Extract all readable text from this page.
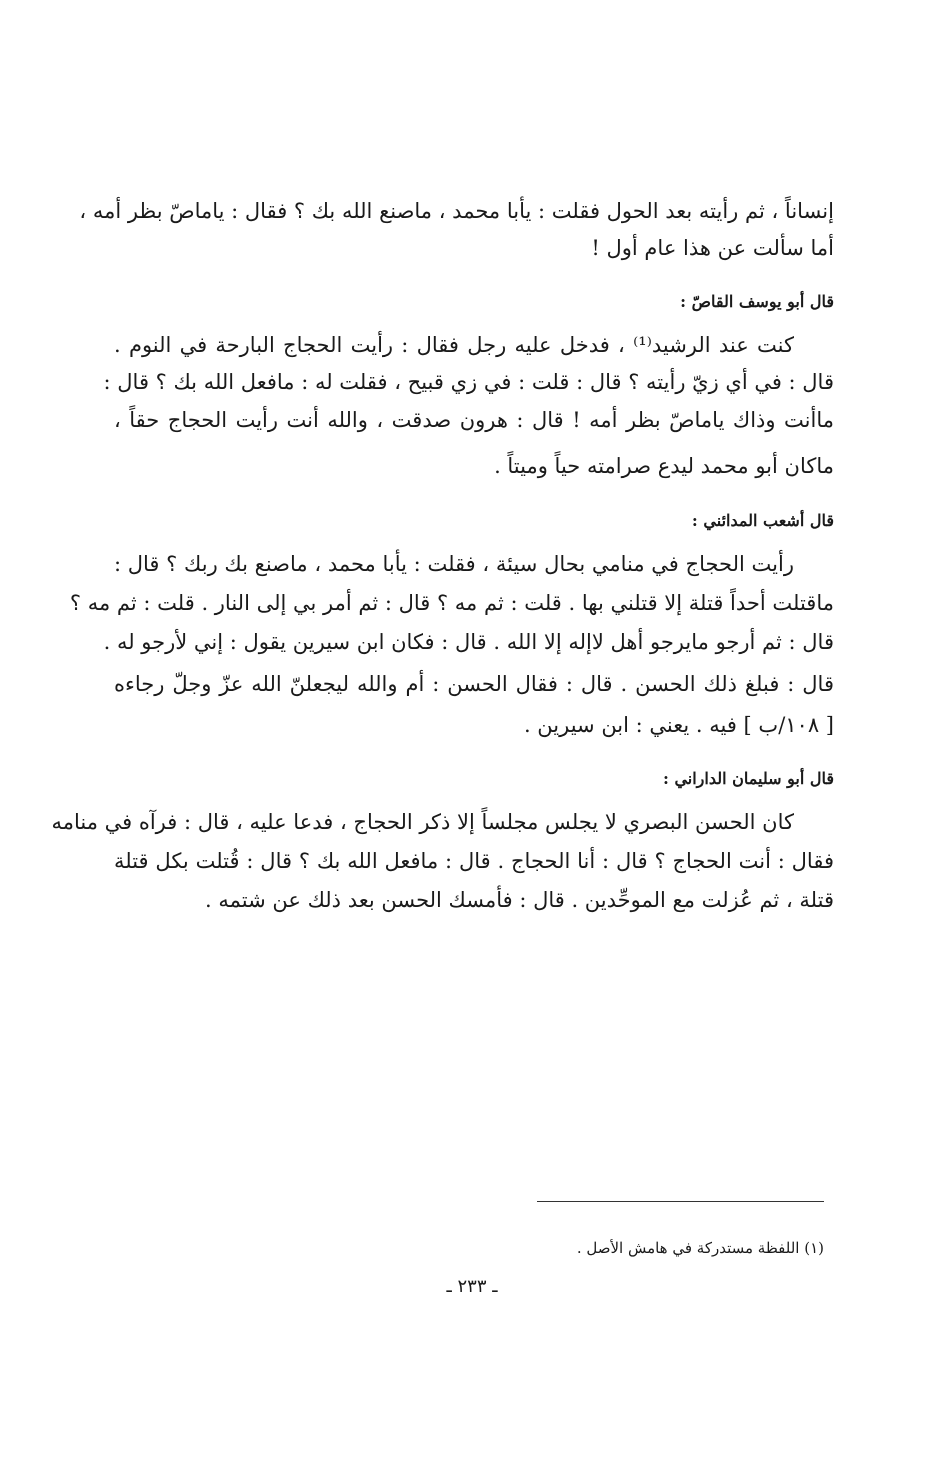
إنساناً ، ثم رأيته بعد الحول فقلت : يأبا محمد ، ماصنع الله بك ؟ فقال : ياماصّ بظر أمه ،
أما سألت عن هذا عام أول !
قال أبو يوسف القاصّ :
كنت عند الرشيد⁽¹⁾ ، فدخل عليه رجل فقال : رأيت الحجاج البارحة في النوم .
قال : في أي زيّ رأيته ؟ قال : قلت : في زي قبيح ، فقلت له : مافعل الله بك ؟ قال :
ماأنت وذاك ياماصّ بظر أمه ! قال : هرون صدقت ، والله أنت رأيت الحجاج حقاً ،
ماكان أبو محمد ليدع صرامته حياً وميتاً .
قال أشعب المدائني :
رأيت الحجاج في منامي بحال سيئة ، فقلت : يأبا محمد ، ماصنع بك ربك ؟ قال :
ماقتلت أحداً قتلة إلا قتلني بها . قلت : ثم مه ؟ قال : ثم أمر بي إلى النار . قلت : ثم مه ؟
قال : ثم أرجو مايرجو أهل لاإله إلا الله . قال : فكان ابن سيرين يقول : إني لأرجو له .
قال : فبلغ ذلك الحسن . قال : فقال الحسن : أم والله ليجعلنّ الله عزّ وجلّ رجاءه
[ ١٠٨/ب ] فيه . يعني : ابن سيرين .
قال أبو سليمان الداراني :
كان الحسن البصري لا يجلس مجلساً إلا ذكر الحجاج ، فدعا عليه ، قال : فرآه في منامه
فقال : أنت الحجاج ؟ قال : أنا الحجاج . قال : مافعل الله بك ؟ قال : قُتلت بكل قتلة
قتلة ، ثم عُزلت مع الموحِّدين . قال : فأمسك الحسن بعد ذلك عن شتمه .
(١) اللفظة مستدركة في هامش الأصل .
ـ ٢٣٣ ـ
